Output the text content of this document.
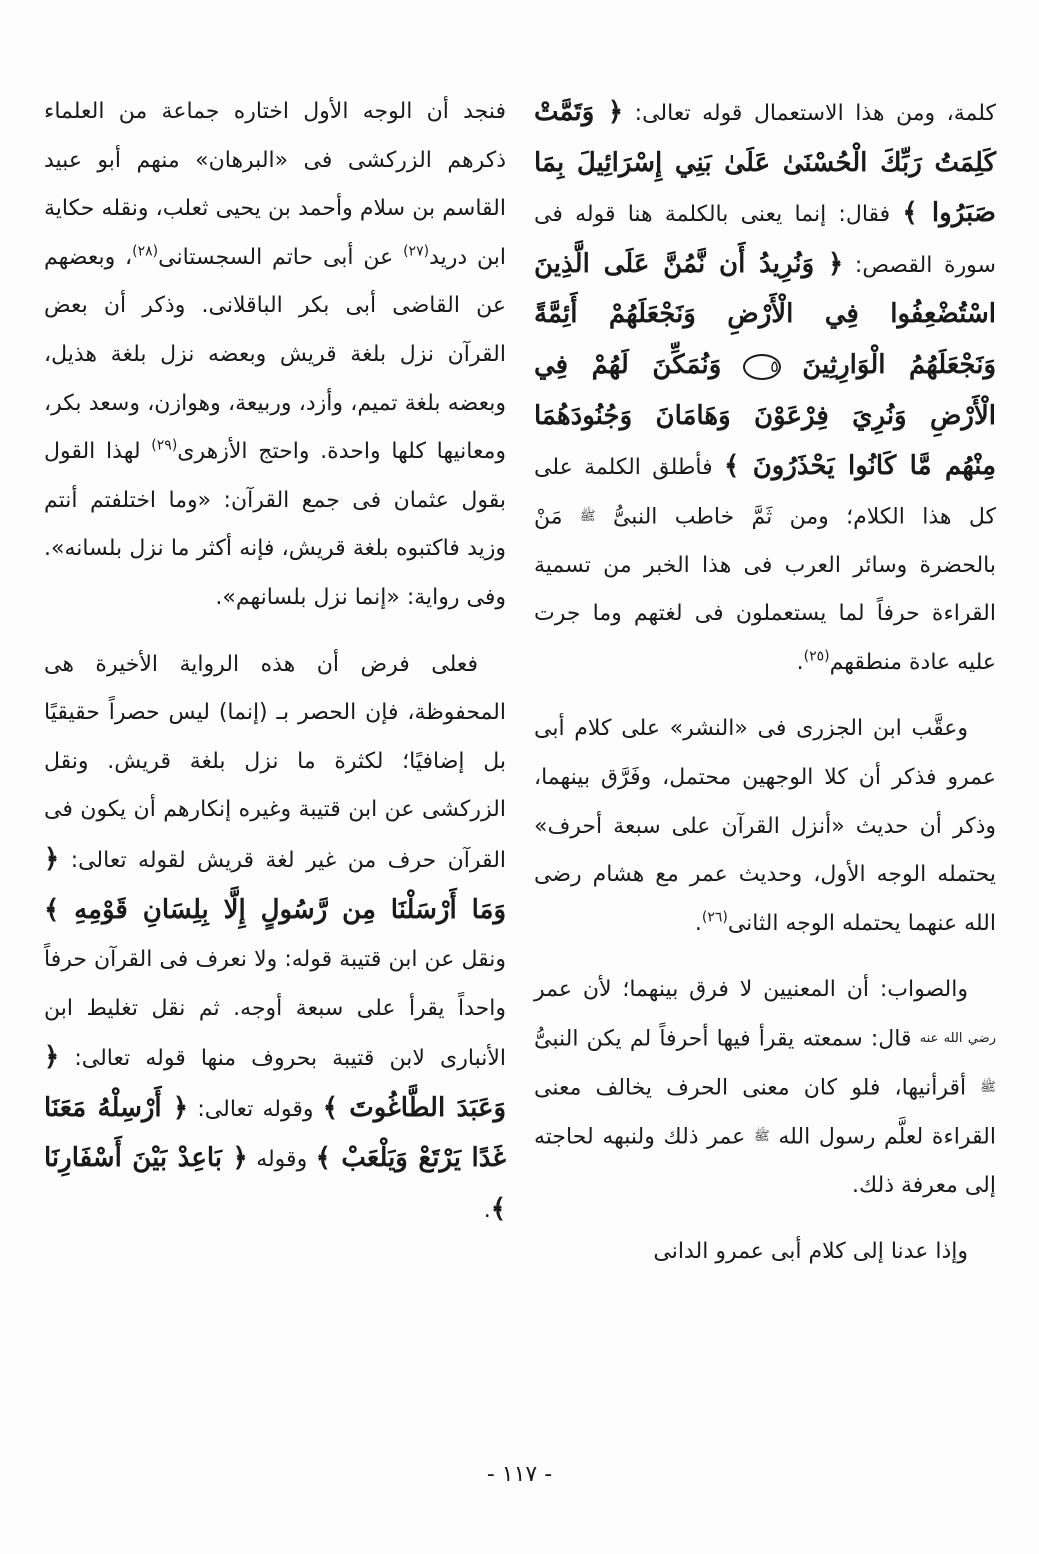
كلمة، ومن هذا الاستعمال قوله تعالى: ﴿ وَتَمَّتْ كَلِمَتُ رَبِّكَ الْحُسْنَىٰ عَلَىٰ بَنِي إِسْرَائِيلَ بِمَا صَبَرُوا ﴾ فقال: إنما يعنى بالكلمة هنا قوله فى سورة القصص: ﴿ وَنُرِيدُ أَن نَّمُنَّ عَلَى الَّذِينَ اسْتُضْعِفُوا فِي الْأَرْضِ وَنَجْعَلَهُمْ أَئِمَّةً وَنَجْعَلَهُمُ الْوَارِثِينَ ٥ وَنُمَكِّنَ لَهُمْ فِي الْأَرْضِ وَنُرِيَ فِرْعَوْنَ وَهَامَانَ وَجُنُودَهُمَا مِنْهُم مَّا كَانُوا يَحْذَرُونَ ﴾ فأطلق الكلمة على كل هذا الكلام؛ ومن ثَمَّ خاطب النبىُّ ﷺ مَنْ بالحضرة وسائر العرب فى هذا الخبر من تسمية القراءة حرفاً لما يستعملون فى لغتهم وما جرت عليه عادة منطقهم$^{(٢٥)}$.

وعقَّب ابن الجزرى فى «النشر» على كلام أبى عمرو فذكر أن كلا الوجهين محتمل، وفَرَّق بينهما، وذكر أن حديث «أنزل القرآن على سبعة أحرف» يحتمله الوجه الأول، وحديث عمر مع هشام رضى الله عنهما يحتمله الوجه الثانى$^{(٢٦)}$.

والصواب: أن المعنيين لا فرق بينهما؛ لأن عمر رضي الله عنه قال: سمعته يقرأ فيها أحرفاً لم يكن النبىُّ ﷺ أقرأنيها، فلو كان معنى الحرف يخالف معنى القراءة لعلَّم رسول الله ﷺ عمر ذلك ولنبهه لحاجته إلى معرفة ذلك.

وإذا عدنا إلى كلام أبى عمرو الدانى

فنجد أن الوجه الأول اختاره جماعة من العلماء ذكرهم الزركشى فى «البرهان» منهم أبو عبيد القاسم بن سلام وأحمد بن يحيى ثعلب، ونقله حكاية ابن دريد$^{(٢٧)}$ عن أبى حاتم السجستانى$^{(٢٨)}$، وبعضهم عن القاضى أبى بكر الباقلانى. وذكر أن بعض القرآن نزل بلغة قريش وبعضه نزل بلغة هذيل، وبعضه بلغة تميم، وأزد، وربيعة، وهوازن، وسعد بكر، ومعانيها كلها واحدة. واحتج الأزهرى$^{(٢٩)}$ لهذا القول بقول عثمان فى جمع القرآن: «وما اختلفتم أنتم وزيد فاكتبوه بلغة قريش، فإنه أكثر ما نزل بلسانه». وفى رواية: «إنما نزل بلسانهم».

فعلى فرض أن هذه الرواية الأخيرة هى المحفوظة، فإن الحصر بـ (إنما) ليس حصراً حقيقيًا بل إضافيًا؛ لكثرة ما نزل بلغة قريش. ونقل الزركشى عن ابن قتيبة وغيره إنكارهم أن يكون فى القرآن حرف من غير لغة قريش لقوله تعالى: ﴿ وَمَا أَرْسَلْنَا مِن رَّسُولٍ إِلَّا بِلِسَانِ قَوْمِهِ ﴾ ونقل عن ابن قتيبة قوله: ولا نعرف فى القرآن حرفاً واحداً يقرأ على سبعة أوجه. ثم نقل تغليط ابن الأنبارى لابن قتيبة بحروف منها قوله تعالى: ﴿ وَعَبَدَ الطَّاغُوتَ ﴾ وقوله تعالى: ﴿ أَرْسِلْهُ مَعَنَا غَدًا يَرْتَعْ وَيَلْعَبْ ﴾ وقوله ﴿ بَاعِدْ بَيْنَ أَسْفَارِنَا ﴾.

- ١١٧ -
